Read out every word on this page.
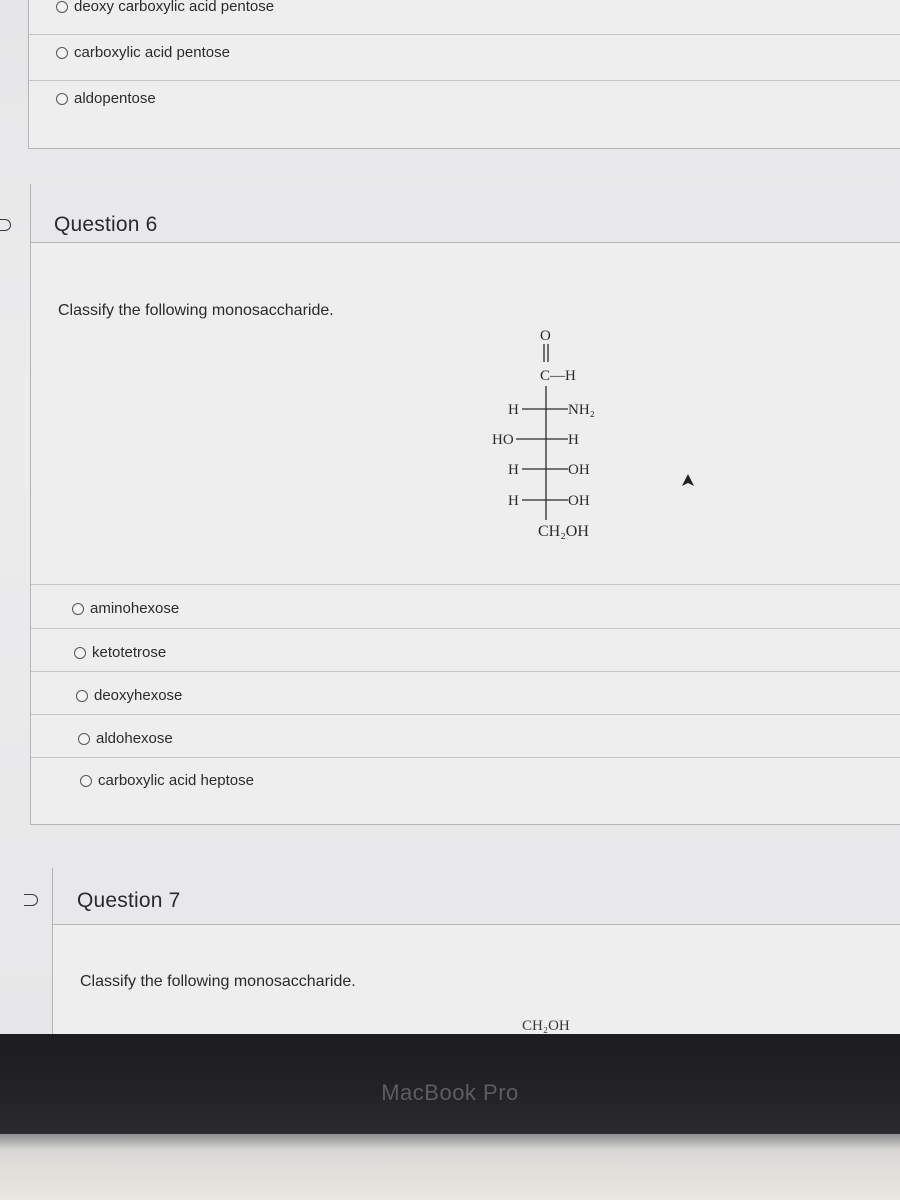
deoxy carboxylic acid pentose
carboxylic acid pentose
aldopentose
Question 6
Classify the following monosaccharide.
O
C—H
H	NH₂
HO	H
H	OH
H	OH
CH₂OH
aminohexose
ketotetrose
deoxyhexose
aldohexose
carboxylic acid heptose
Question 7
Classify the following monosaccharide.
CH₂OH
MacBook Pro
